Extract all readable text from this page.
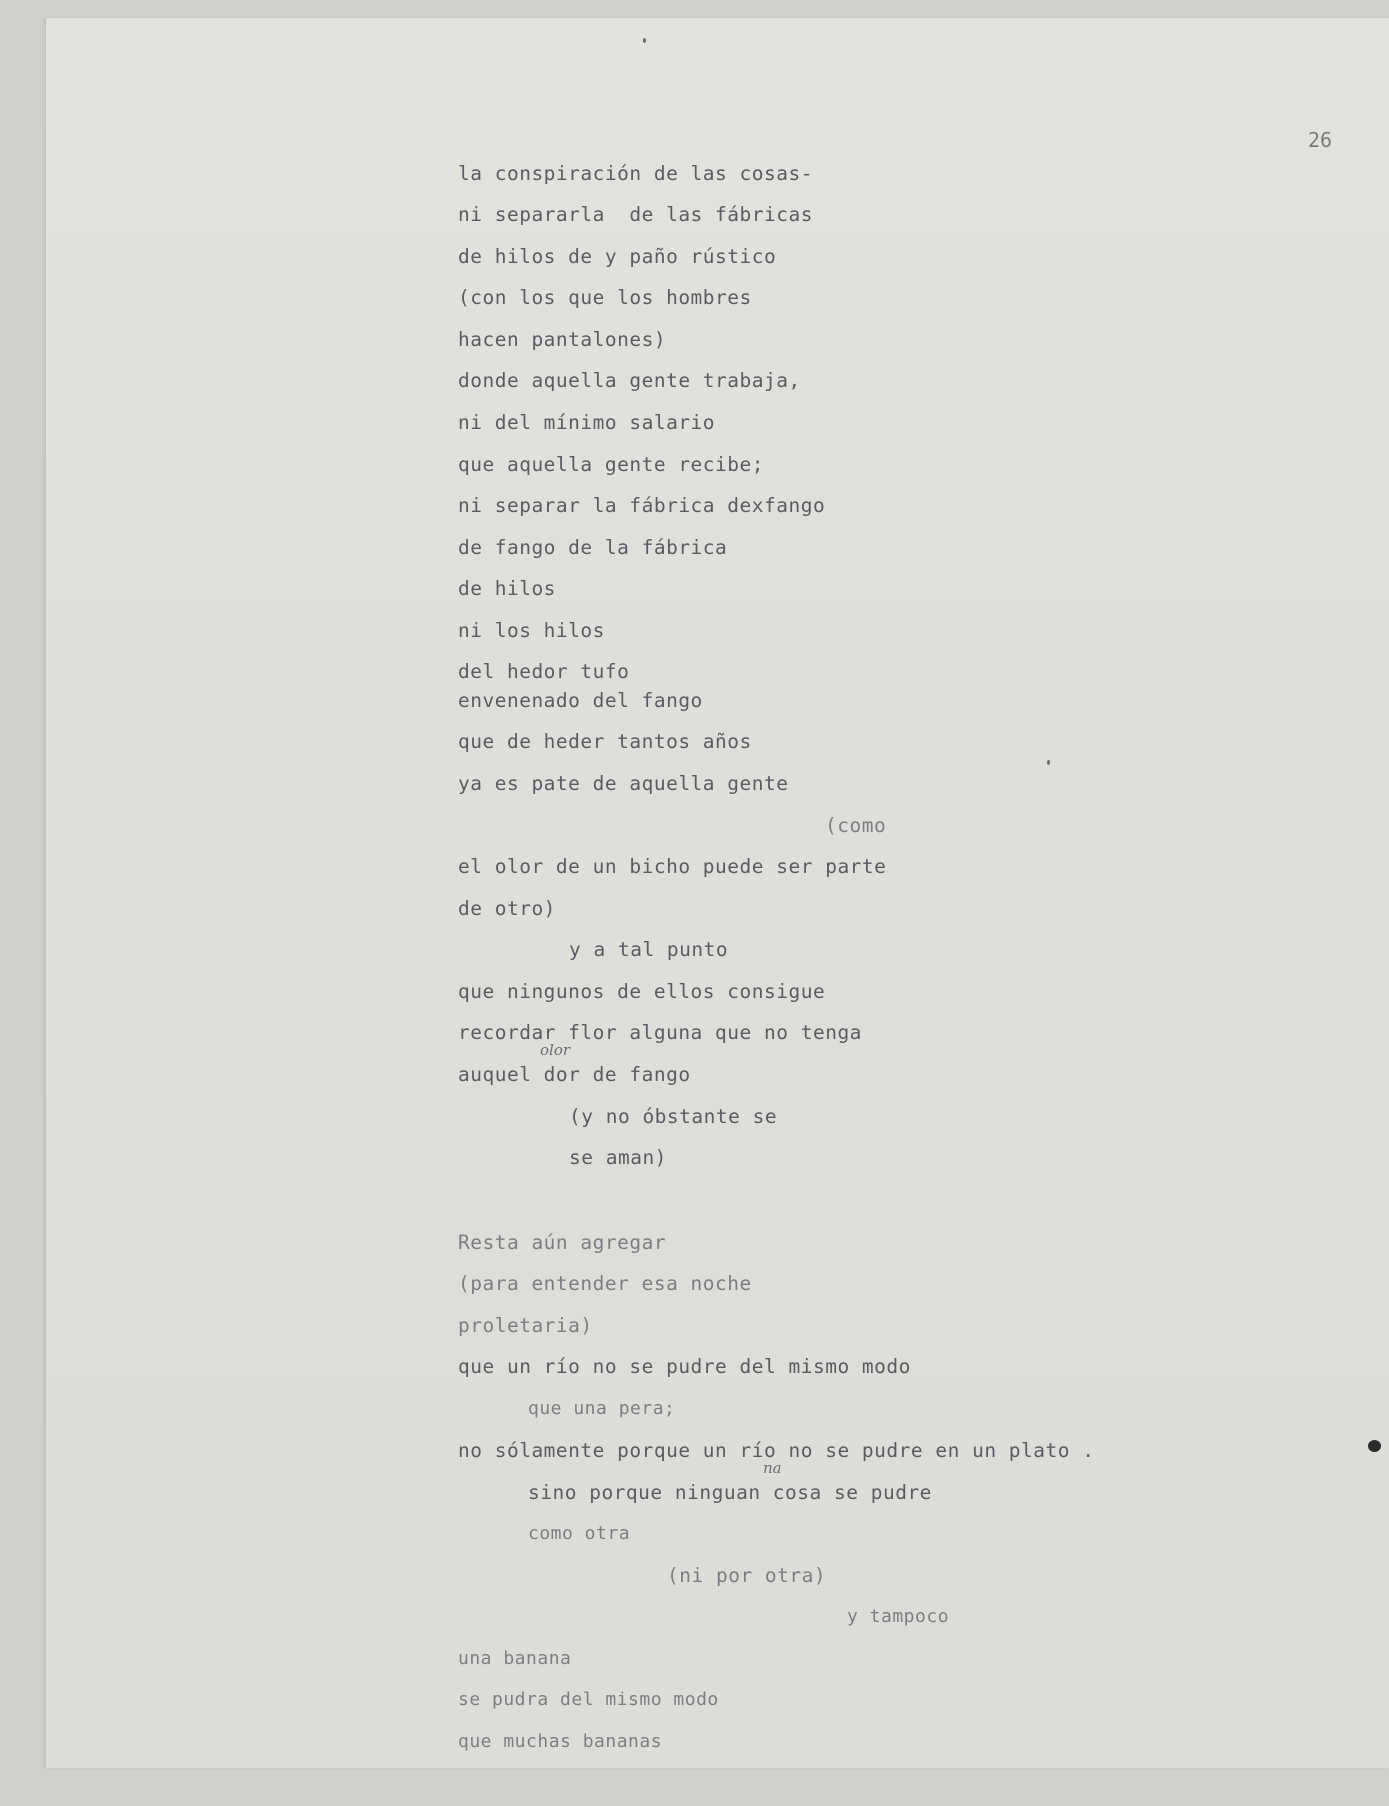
26
la conspiración de las cosas-
ni separarla  de las fábricas
de hilos de y paño rústico
(con los que los hombres
hacen pantalones)
donde aquella gente trabaja,
ni del mínimo salario
que aquella gente recibe;
ni separar la fábrica dexfango
de fango de la fábrica
de hilos
ni los hilos
del hedor tufo
envenenado del fango
que de heder tantos años
ya es pate de aquella gente
(como
el olor de un bicho puede ser parte
de otro)
y a tal punto
que ningunos de ellos consigue
recordar flor alguna que no tenga
olor
auquel dor de fango
(y no óbstante se
se aman)
Resta aún agregar
(para entender esa noche
proletaria)
que un río no se pudre del mismo modo
que una pera;
no sólamente porque un río no se pudre en un plato .
na
sino porque ninguan cosa se pudre
como otra
(ni por otra)
y tampoco
una banana
se pudra del mismo modo
que muchas bananas
